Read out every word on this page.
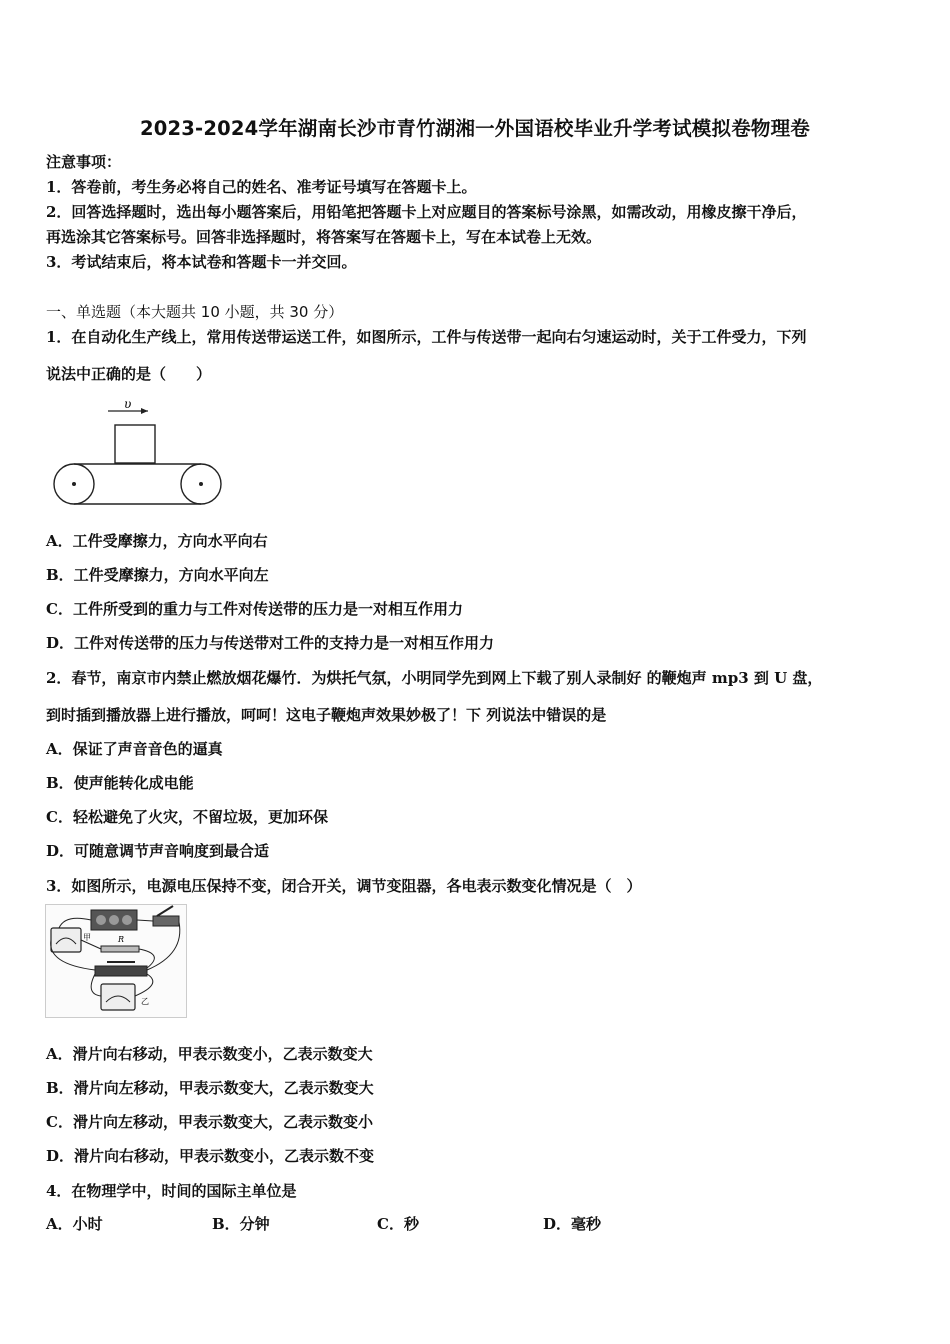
2023-2024学年湖南长沙市青竹湖湘一外国语校毕业升学考试模拟卷物理卷
注意事项：
1．答卷前，考生务必将自己的姓名、准考证号填写在答题卡上。
2．回答选择题时，选出每小题答案后，用铅笔把答题卡上对应题目的答案标号涂黑，如需改动，用橡皮擦干净后，
再选涂其它答案标号。回答非选择题时，将答案写在答题卡上，写在本试卷上无效。
3．考试结束后，将本试卷和答题卡一并交回。
一、单选题（本大题共 10 小题，共 30 分）
1．在自动化生产线上，常用传送带运送工件，如图所示，工件与传送带一起向右匀速运动时，关于工件受力，下列
说法中正确的是（　　）
υ
A．工件受摩擦力，方向水平向右
B．工件受摩擦力，方向水平向左
C．工件所受到的重力与工件对传送带的压力是一对相互作用力
D．工件对传送带的压力与传送带对工件的支持力是一对相互作用力
2．春节，南京市内禁止燃放烟花爆竹．为烘托气氛，小明同学先到网上下载了别人录制好 的鞭炮声 mp3 到 U 盘，
到时插到播放器上进行播放，呵呵！这电子鞭炮声效果妙极了！下 列说法中错误的是
A．保证了声音音色的逼真
B．使声能转化成电能
C．轻松避免了火灾，不留垃圾，更加环保
D．可随意调节声音响度到最合适
3．如图所示，电源电压保持不变，闭合开关，调节变阻器，各电表示数变化情况是（　）
甲	R
乙
A．滑片向右移动，甲表示数变小，乙表示数变大
B．滑片向左移动，甲表示数变大，乙表示数变大
C．滑片向左移动，甲表示数变大，乙表示数变小
D．滑片向右移动，甲表示数变小，乙表示数不变
4．在物理学中，时间的国际主单位是
A．小时	B．分钟	C．秒	D．毫秒
